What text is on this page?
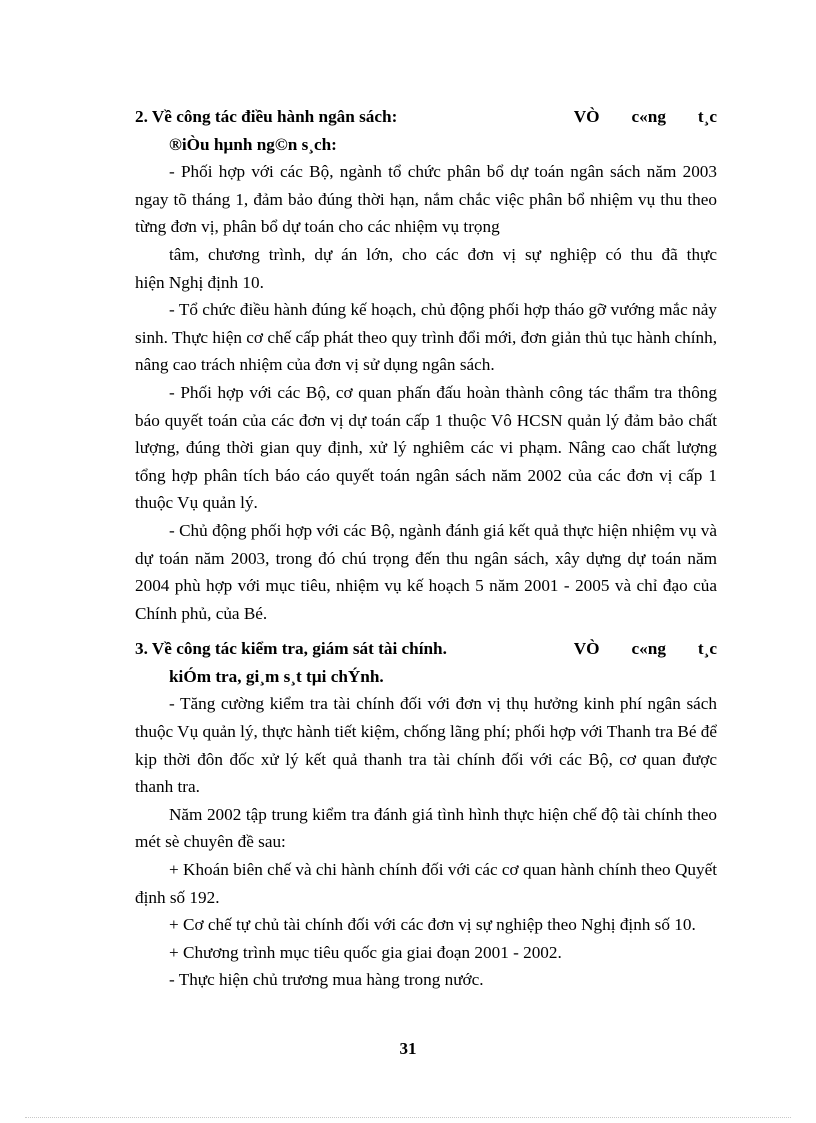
2. Về công tác điều hành ngân sách:	VÒ c«ng t¸c
®iÒu hµnh ng©n s¸ch:
- Phối hợp với các Bộ, ngành tổ chức phân bổ dự toán ngân sách năm 2003 ngay tõ tháng 1, đảm bảo đúng thời hạn, nắm chắc việc phân bổ nhiệm vụ thu theo từng đơn vị, phân bổ dự toán cho các nhiệm vụ trọng
tâm, chương trình, dự án lớn, cho các đơn vị sự nghiệp có thu đã thực
hiện Nghị định 10.
- Tổ chức điều hành đúng kế hoạch, chủ động phối hợp tháo gỡ vướng mắc nảy sinh. Thực hiện cơ chế cấp phát theo quy trình đổi mới, đơn giản thủ tục hành chính, nâng cao trách nhiệm của đơn vị sử dụng ngân sách.
- Phối hợp với các Bộ, cơ quan phấn đấu hoàn thành công tác thẩm tra thông báo quyết toán của các đơn vị dự toán cấp 1 thuộc Vô HCSN quản lý đảm bảo chất lượng, đúng thời gian quy định, xử lý nghiêm các vi phạm. Nâng cao chất lượng tổng hợp phân tích báo cáo quyết toán ngân sách năm 2002 của các đơn vị cấp 1 thuộc Vụ quản lý.
- Chủ động phối hợp với các Bộ, ngành đánh giá kết quả thực hiện nhiệm vụ và dự toán năm 2003, trong đó chú trọng đến thu ngân sách, xây dựng dự toán năm 2004 phù hợp với mục tiêu, nhiệm vụ kế hoạch 5 năm 2001 - 2005 và chỉ đạo của Chính phủ, của Bé.
3. Về công tác kiểm tra, giám sát tài chính.	VÒ c«ng t¸c
kiÓm tra, gi¸m s¸t tµi chÝnh.
- Tăng cường kiểm tra tài chính đối với đơn vị thụ hưởng kinh phí ngân sách thuộc Vụ quản lý, thực hành tiết kiệm, chống lãng phí; phối hợp với Thanh tra Bé để kịp thời đôn đốc xử lý kết quả thanh tra tài chính đối với các Bộ, cơ quan được thanh tra.
Năm 2002 tập trung kiểm tra đánh giá tình hình thực hiện chế độ tài chính theo mét sè chuyên đề sau:
+ Khoán biên chế và chi hành chính đối với các cơ quan hành chính theo Quyết định số 192.
+ Cơ chế tự chủ tài chính đối với các đơn vị sự nghiệp theo Nghị định số 10.
+ Chương trình mục tiêu quốc gia giai đoạn 2001 - 2002.
- Thực hiện chủ trương mua hàng trong nước.
31
